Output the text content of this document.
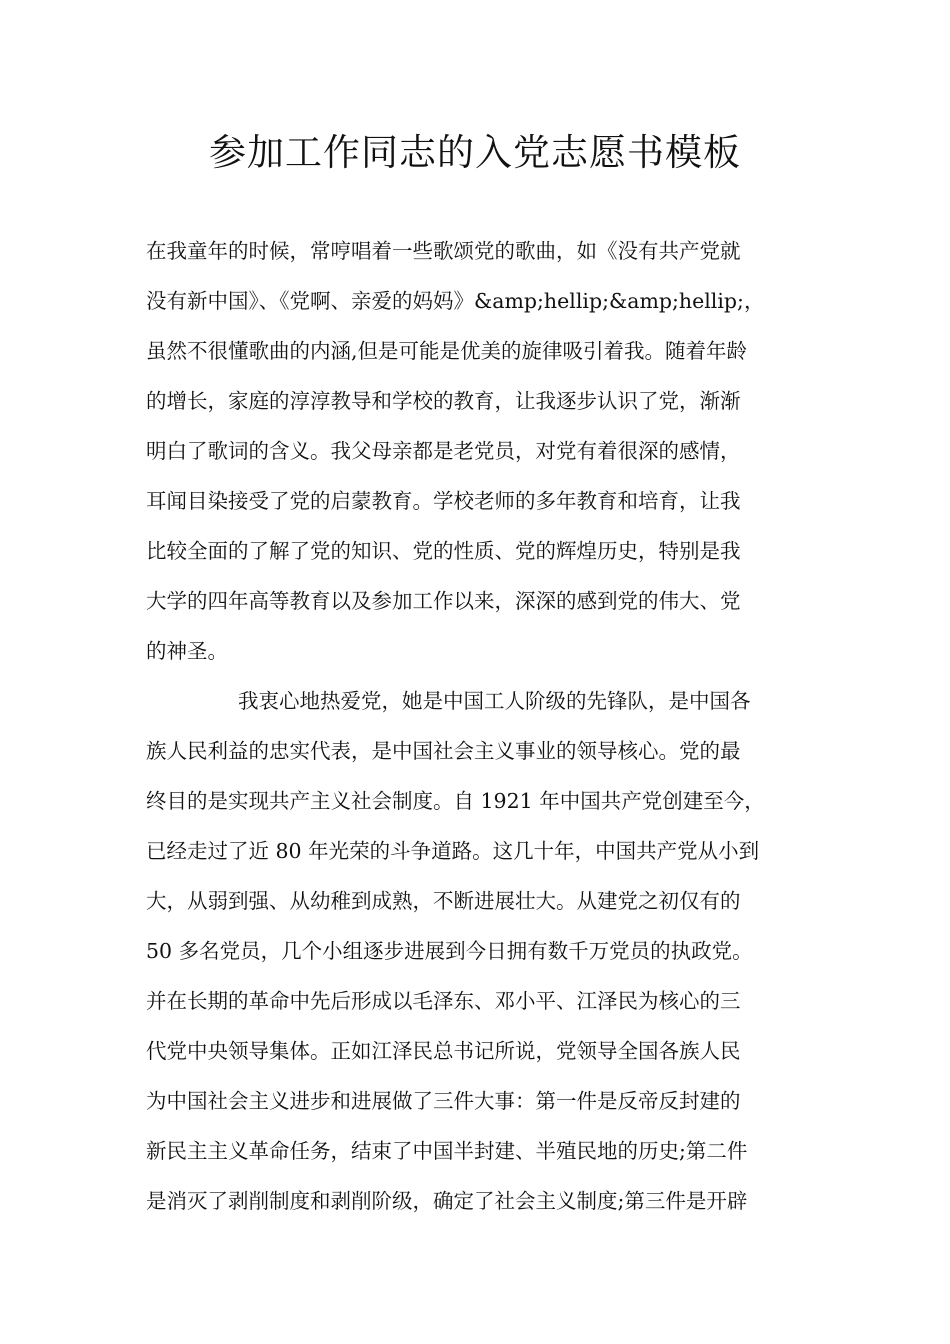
参加工作同志的入党志愿书模板
在我童年的时候，常哼唱着一些歌颂党的歌曲，如《没有共产党就
没有新中国》、《党啊、亲爱的妈妈》&amp;hellip;&amp;hellip;，
虽然不很懂歌曲的内涵,但是可能是优美的旋律吸引着我。随着年龄
的增长，家庭的淳淳教导和学校的教育，让我逐步认识了党，渐渐
明白了歌词的含义。我父母亲都是老党员，对党有着很深的感情，
耳闻目染接受了党的启蒙教育。学校老师的多年教育和培育，让我
比较全面的了解了党的知识、党的性质、党的辉煌历史，特别是我
大学的四年高等教育以及参加工作以来，深深的感到党的伟大、党
的神圣。
我衷心地热爱党，她是中国工人阶级的先锋队，是中国各
族人民利益的忠实代表，是中国社会主义事业的领导核心。党的最
终目的是实现共产主义社会制度。自 1921 年中国共产党创建至今，
已经走过了近 80 年光荣的斗争道路。这几十年，中国共产党从小到
大，从弱到强、从幼稚到成熟，不断进展壮大。从建党之初仅有的
50 多名党员，几个小组逐步进展到今日拥有数千万党员的执政党。
并在长期的革命中先后形成以毛泽东、邓小平、江泽民为核心的三
代党中央领导集体。正如江泽民总书记所说，党领导全国各族人民
为中国社会主义进步和进展做了三件大事：第一件是反帝反封建的
新民主主义革命任务，结束了中国半封建、半殖民地的历史;第二件
是消灭了剥削制度和剥削阶级，确定了社会主义制度;第三件是开辟
